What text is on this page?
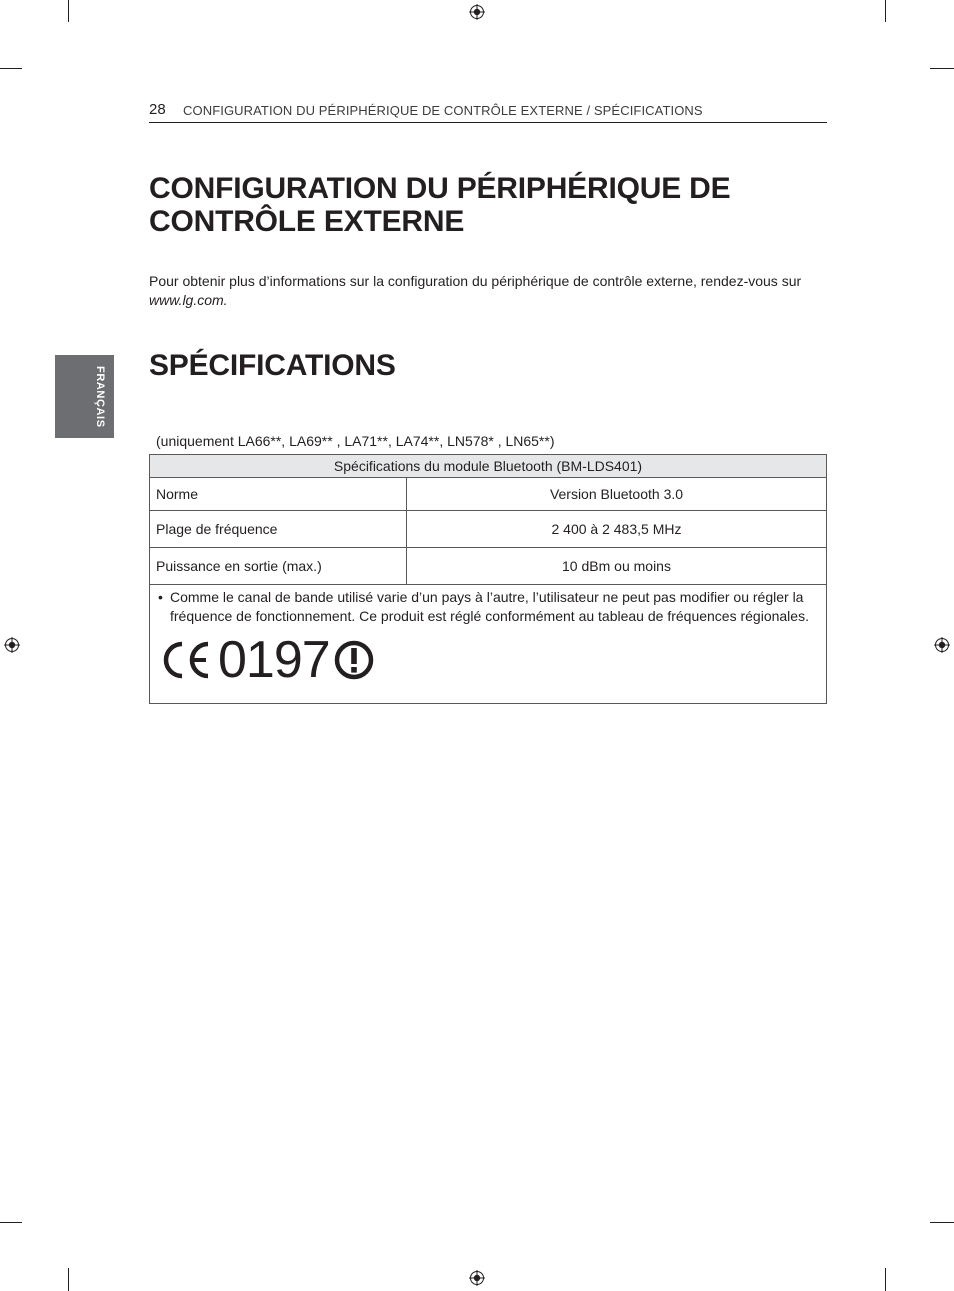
28 CONFIGURATION DU PÉRIPHÉRIQUE DE CONTRÔLE EXTERNE / SPÉCIFICATIONS
FRANÇAIS
CONFIGURATION DU PÉRIPHÉRIQUE DE
CONTRÔLE EXTERNE

Pour obtenir plus d’informations sur la configuration du périphérique de contrôle externe, rendez-vous sur
www.lg.com.

SPÉCIFICATIONS
(uniquement LA66**, LA69** , LA71**, LA74**, LN578* , LN65**)
Spécifications du module Bluetooth (BM-LDS401)	
Norme	Version Bluetooth 3.0
Plage de fréquence	2 400 à 2 483,5 MHz
Puissance en sortie (max.)	10 dBm ou moins

• Comme le canal de bande utilisé varie d’un pays à l’autre, l’utilisateur ne peut pas modifier ou régler la fréquence de fonctionnement. Ce produit est réglé conformément au tableau de fréquences régionales.
0197	
